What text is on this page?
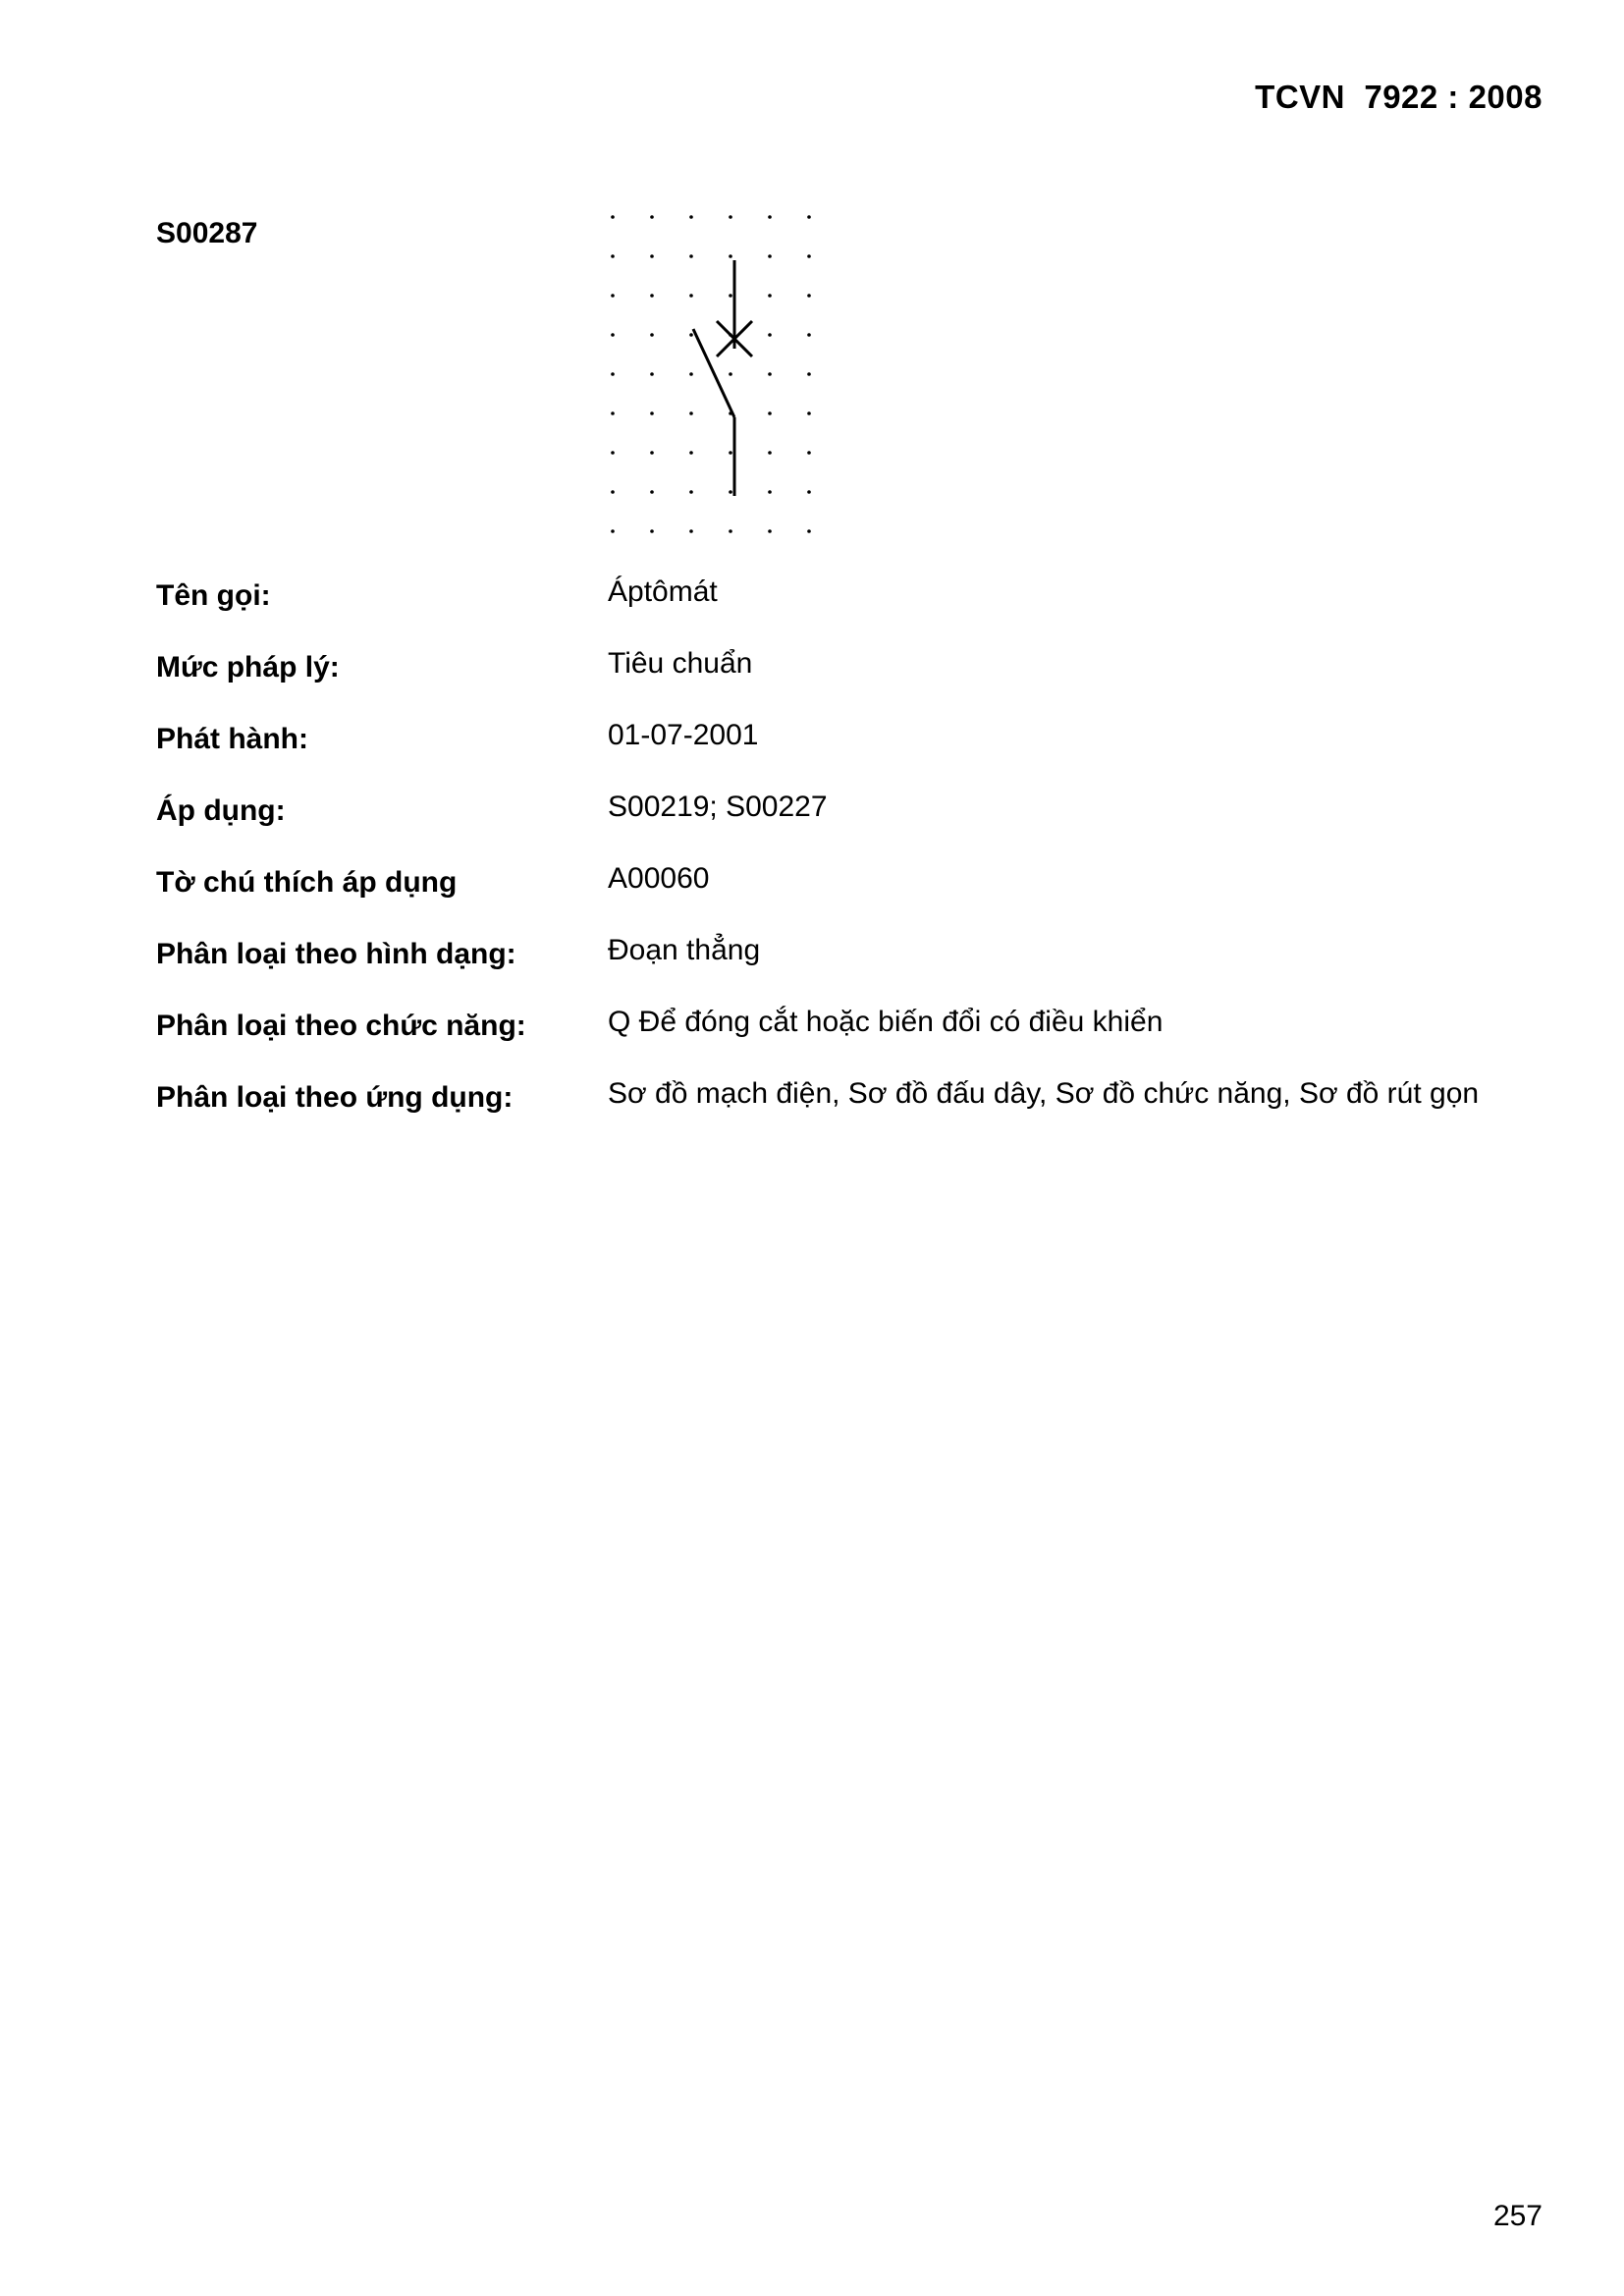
TCVN  7922 : 2008
S00287
Tên gọi:	Áptômát
Mức pháp lý:	Tiêu chuẩn
Phát hành:	01-07-2001
Áp dụng:	S00219; S00227
Tờ chú thích áp dụng	A00060
Phân loại theo hình dạng:	Đoạn thẳng
Phân loại theo chức năng:	Q Để đóng cắt hoặc biến đổi có điều khiển
Phân loại theo ứng dụng:	Sơ đồ mạch điện, Sơ đồ đấu dây, Sơ đồ chức năng, Sơ đồ rút gọn
257
